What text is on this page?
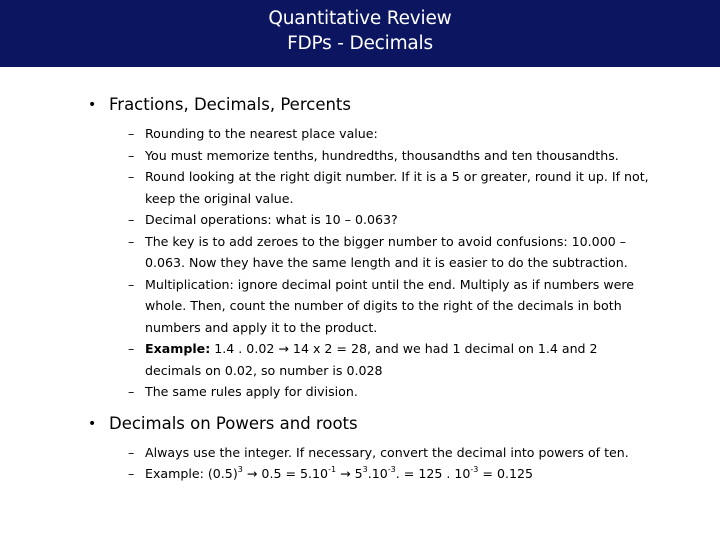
Quantitative Review
FDPs - Decimals
• Fractions, Decimals, Percents
– Rounding to the nearest place value:
– You must memorize tenths, hundredths, thousandths and ten thousandths.
– Round looking at the right digit number. If it is a 5 or greater, round it up. If not, keep the original value.
– Decimal operations: what is 10 – 0.063?
– The key is to add zeroes to the bigger number to avoid confusions: 10.000 – 0.063. Now they have the same length and it is easier to do the subtraction.
– Multiplication: ignore decimal point until the end. Multiply as if numbers were whole. Then, count the number of digits to the right of the decimals in both numbers and apply it to the product.
– Example: 1.4 . 0.02 → 14 x 2 = 28, and we had 1 decimal on 1.4 and 2 decimals on 0.02, so number is 0.028
– The same rules apply for division.
• Decimals on Powers and roots
– Always use the integer. If necessary, convert the decimal into powers of ten.
– Example: $(0.5)^3 \to 0.5 = 5.10^{-1} \to 5^3.10^{-3}$. = 125 . $10^{-3} = 0.125$
